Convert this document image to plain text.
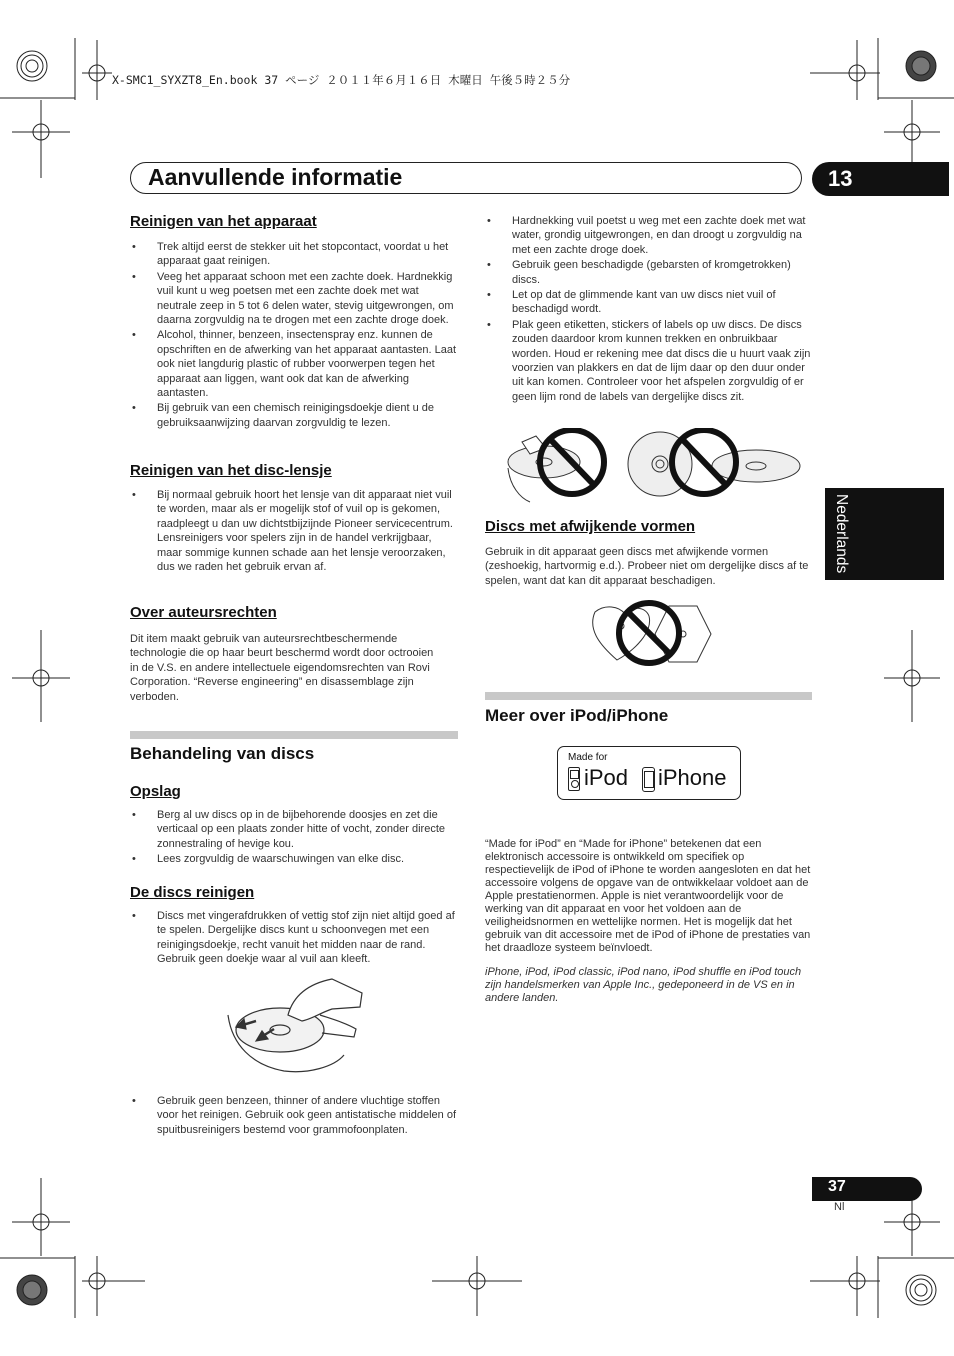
X-SMC1_SYXZT8_En.book 37 ページ ２０１１年６月１６日 木曜日 午後５時２５分
Aanvullende informatie	13
Nederlands
Reinigen van het apparaat
• Trek altijd eerst de stekker uit het stopcontact, voordat u het apparaat gaat reinigen.
• Veeg het apparaat schoon met een zachte doek. Hardnekkig vuil kunt u weg poetsen met een zachte doek met wat neutrale zeep in 5 tot 6 delen water, stevig uitgewrongen, om daarna zorgvuldig na te drogen met een zachte droge doek.
• Alcohol, thinner, benzeen, insectenspray enz. kunnen de opschriften en de afwerking van het apparaat aantasten. Laat ook niet langdurig plastic of rubber voorwerpen tegen het apparaat aan liggen, want ook dat kan de afwerking aantasten.
• Bij gebruik van een chemisch reinigingsdoekje dient u de gebruiksaanwijzing daarvan zorgvuldig te lezen.
Reinigen van het disc-lensje
• Bij normaal gebruik hoort het lensje van dit apparaat niet vuil te worden, maar als er mogelijk stof of vuil op is gekomen, raadpleegt u dan uw dichtstbijzijnde Pioneer servicecentrum. Lensreinigers voor spelers zijn in de handel verkrijgbaar, maar sommige kunnen schade aan het lensje veroorzaken, dus we raden het gebruik ervan af.
Over auteursrechten
Dit item maakt gebruik van auteursrechtbeschermende technologie die op haar beurt beschermd wordt door octrooien in de V.S. en andere intellectuele eigendomsrechten van Rovi Corporation. “Reverse engineering” en disassemblage zijn verboden.
Behandeling van discs
Opslag
• Berg al uw discs op in de bijbehorende doosjes en zet die verticaal op een plaats zonder hitte of vocht, zonder directe zonnestraling of hevige kou.
• Lees zorgvuldig de waarschuwingen van elke disc.
De discs reinigen
• Discs met vingerafdrukken of vettig stof zijn niet altijd goed af te spelen. Dergelijke discs kunt u schoonvegen met een reinigingsdoekje, recht vanuit het midden naar de rand. Gebruik geen doekje waar al vuil aan kleeft.
• Gebruik geen benzeen, thinner of andere vluchtige stoffen voor het reinigen. Gebruik ook geen antistatische middelen of spuitbusreinigers bestemd voor grammofoonplaten.
• Hardnekking vuil poetst u weg met een zachte doek met wat water, grondig uitgewrongen, en dan droogt u zorgvuldig na met een zachte droge doek.
• Gebruik geen beschadigde (gebarsten of kromgetrokken) discs.
• Let op dat de glimmende kant van uw discs niet vuil of beschadigd wordt.
• Plak geen etiketten, stickers of labels op uw discs. De discs zouden daardoor krom kunnen trekken en onbruikbaar worden. Houd er rekening mee dat discs die u huurt vaak zijn voorzien van plakkers en dat de lijm daar op den duur onder uit kan komen. Controleer voor het afspelen zorgvuldig of er geen lijm rond de labels van dergelijke discs zit.
Discs met afwijkende vormen
Gebruik in dit apparaat geen discs met afwijkende vormen (zeshoekig, hartvormig e.d.). Probeer niet om dergelijke discs af te spelen, want dat kan dit apparaat beschadigen.
Meer over iPod/iPhone
Made for
iPod iPhone
“Made for iPod” en “Made for iPhone” betekenen dat een elektronisch accessoire is ontwikkeld om specifiek op respectievelijk de iPod of iPhone te worden aangesloten en dat het accessoire volgens de opgave van de ontwikkelaar voldoet aan de Apple prestatienormen. Apple is niet verantwoordelijk voor de werking van dit apparaat en voor het voldoen aan de veiligheidsnormen en wettelijke normen. Het is mogelijk dat het gebruik van dit accessoire met de iPod of iPhone de prestaties van het draadloze systeem beïnvloedt.
iPhone, iPod, iPod classic, iPod nano, iPod shuffle en iPod touch zijn handelsmerken van Apple Inc., gedeponeerd in de VS en in andere landen.
37
Nl
